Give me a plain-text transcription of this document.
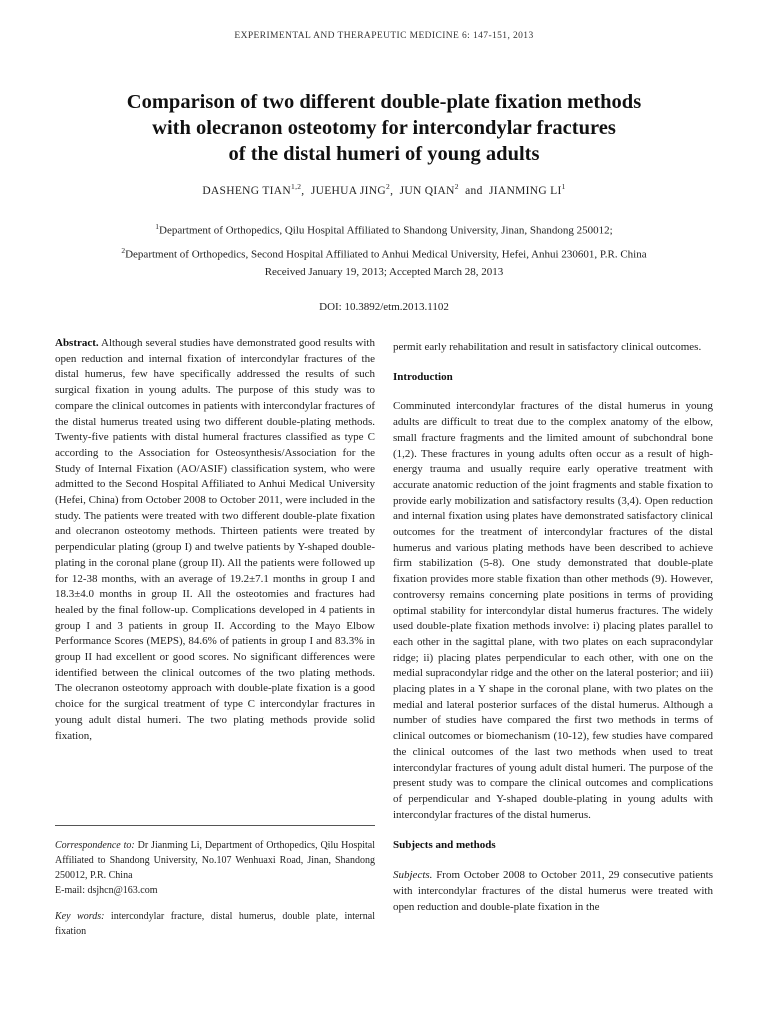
EXPERIMENTAL AND THERAPEUTIC MEDICINE 6: 147-151, 2013
Comparison of two different double-plate fixation methods
with olecranon osteotomy for intercondylar fractures
of the distal humeri of young adults
DASHENG TIAN$^{1,2}$,  JUEHUA JING$^2$,  JUN QIAN$^2$  and  JIANMING $LI^1$
$^1$Department of Orthopedics, Qilu Hospital Affiliated to Shandong University, Jinan, Shandong 250012;
$^2$Department of Orthopedics, Second Hospital Affiliated to Anhui Medical University, Hefei, Anhui 230601, P.R. China
Received January 19, 2013; Accepted March 28, 2013
DOI: 10.3892/etm.2013.1102

Abstract. Although several studies have demonstrated good results with open reduction and internal fixation of intercondylar fractures of the distal humerus, few have specifically addressed the results of such surgical fixation in young adults. The purpose of this study was to compare the clinical outcomes in patients with intercondylar fractures of the distal humerus treated using two different double-plating methods. Twenty-five patients with distal humeral fractures classified as type C according to the Association for Osteosynthesis/Association for the Study of Internal Fixation (AO/ASIF) classification system, who were admitted to the Second Hospital Affiliated to Anhui Medical University (Hefei, China) from October 2008 to October 2011, were included in the study. The patients were treated with two different double-plate fixation and olecranon osteotomy methods. Thirteen patients were treated by perpendicular plating (group I) and twelve patients by Y-shaped double-plating in the coronal plane (group II). All the patients were followed up for 12-38 months, with an average of 19.2±7.1 months in group I and 18.3±4.0 months in group II. All the osteotomies and fractures had healed by the final follow-up. Complications developed in 4 patients in group I and 3 patients in group II. According to the Mayo Elbow Performance Scores (MEPS), 84.6% of patients in group I and 83.3% in group II had excellent or good scores. No significant differences were identified between the clinical outcomes of the two plating methods. The olecranon osteotomy approach with double-plate fixation is a good choice for the surgical treatment of type C intercondylar fractures in young adult distal humeri. The two plating methods provide solid fixation,

Correspondence to: Dr Jianming Li, Department of Orthopedics, Qilu Hospital Affiliated to Shandong University, No.107 Wenhuaxi Road, Jinan, Shandong 250012, P.R. China
E-mail: dsjhcn@163.com
Key words: intercondylar fracture, distal humerus, double plate, internal fixation

permit early rehabilitation and result in satisfactory clinical outcomes.

Introduction

Comminuted intercondylar fractures of the distal humerus in young adults are difficult to treat due to the complex anatomy of the elbow, small fracture fragments and the limited amount of subchondral bone (1,2). These fractures in young adults often occur as a result of high-energy trauma and usually require early operative treatment with accurate anatomic reduction of the joint fragments and stable fixation to provide early mobilization and satisfactory results (3,4). Open reduction and internal fixation using plates have demonstrated satisfactory clinical outcomes for the treatment of intercondylar fractures of the distal humerus and various plating methods have been described to achieve firm stabilization (5-8). One study demonstrated that double-plate fixation provides more stable fixation than other methods (9). However, controversy remains concerning plate positions in terms of providing optimal stability for intercondylar distal humerus fractures. The widely used double-plate fixation methods involve: i) placing plates parallel to each other in the sagittal plane, with two plates on each supracondylar ridge; ii) placing plates perpendicular to each other, with one on the medial supracondylar ridge and the other on the lateral posterior; and iii) placing plates in a Y shape in the coronal plane, with two plates on the medial and lateral posterior surfaces of the distal humerus. Although a number of studies have compared the first two methods in terms of clinical outcomes or biomechanism (10-12), few studies have compared the clinical outcomes of the last two methods when used to treat intercondylar fractures of young adult distal humeri. The purpose of the present study was to compare the clinical outcomes and complications of perpendicular and Y-shaped double-plating in young adults with intercondylar fractures of the distal humerus.

Subjects and methods

Subjects. From October 2008 to October 2011, 29 consecutive patients with intercondylar fractures of the distal humerus were treated with open reduction and double-plate fixation in the
